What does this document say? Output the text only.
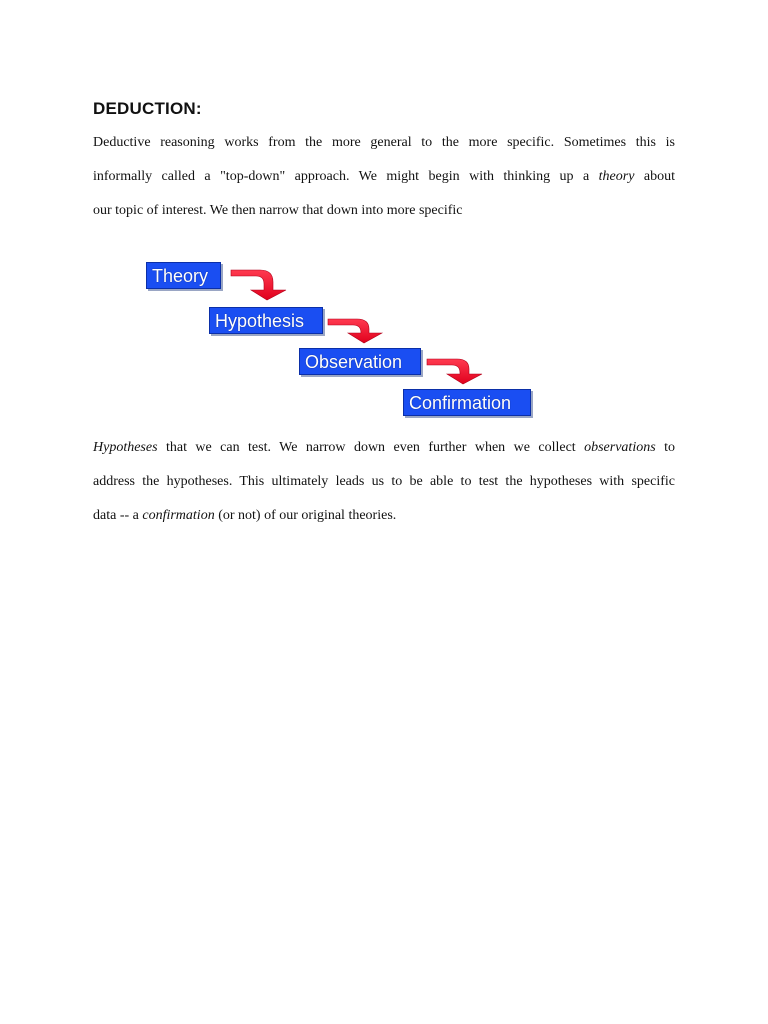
DEDUCTION:
Deductive reasoning works from the more general to the more specific. Sometimes this is
informally called a "top-down" approach. We might begin with thinking up a theory about
our topic of interest. We then narrow that down into more specific
Theory
Hypothesis
Observation
Confirmation
Hypotheses that we can test. We narrow down even further when we collect observations to
address the hypotheses. This ultimately leads us to be able to test the hypotheses with specific
data -- a confirmation (or not) of our original theories.
